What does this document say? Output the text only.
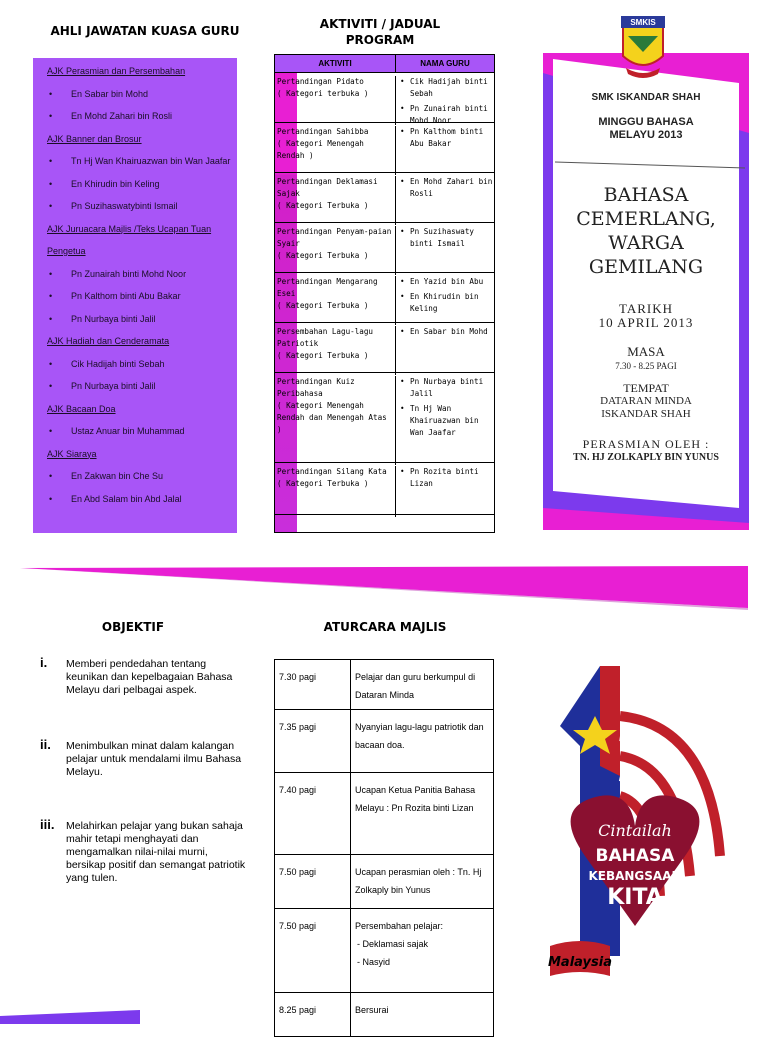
AHLI JAWATAN KUASA GURU
AJK Perasmian dan Persembahan
• En Sabar bin Mohd
• En Mohd Zahari bin Rosli
AJK Banner dan Brosur
• Tn Hj Wan Khairuazwan bin Wan Jaafar
• En Khirudin bin Keling
• Pn Suzihaswatybinti Ismail
AJK Juruacara Majlis /Teks Ucapan Tuan
Pengetua
• Pn Zunairah binti Mohd Noor
• Pn Kalthom binti Abu Bakar
• Pn Nurbaya binti Jalil
AJK Hadiah dan Cenderamata
• Cik Hadijah binti Sebah
• Pn Nurbaya binti Jalil
AJK Bacaan Doa
• Ustaz Anuar bin Muhammad
AJK Siaraya
• En Zakwan bin Che Su
• En Abd Salam bin Abd Jalal
AKTIVITI / JADUAL PROGRAM
AKTIVITI	NAMA GURU
Pertandingan Pidato
( Kategori terbuka )
• Cik Hadijah binti Sebah
• Pn Zunairah binti Mohd Noor
Pertandingan Sahibba
( Kategori Menengah Rendah )
• Pn Kalthom binti Abu Bakar
Pertandingan Deklamasi Sajak
( Kategori Terbuka )
• En Mohd Zahari bin Rosli
Pertandingan Penyam-paian Syair
( Kategori Terbuka )
• Pn Suzihaswaty binti Ismail
Pertandingan Mengarang Esei
( Kategori Terbuka )
• En Yazid bin Abu
• En Khirudin bin Keling
Persembahan Lagu-lagu Patriotik
( Kategori Terbuka )
• En Sabar bin Mohd
Pertandingan Kuiz Peribahasa
( Kategori Menengah Rendah dan Menengah Atas )
• Pn Nurbaya binti Jalil
• Tn Hj Wan Khairuazwan bin Wan Jaafar
Pertandingan Silang Kata
( Kategori Terbuka )
• Pn Rozita binti Lizan
SMKIS
SMK ISKANDAR SHAH
MINGGU BAHASA MELAYU 2013
BAHASA CEMERLANG, WARGA GEMILANG
TARIKH
10 APRIL 2013
MASA
7.30 - 8.25 PAGI
TEMPAT
DATARAN MINDA ISKANDAR SHAH
PERASMIAN OLEH :
TN. HJ ZOLKAPLY BIN YUNUS
OBJEKTIF
i. Memberi pendedahan tentang keunikan dan kepelbagaian Bahasa Melayu dari pelbagai aspek.
ii. Menimbulkan minat dalam kalangan pelajar untuk mendalami ilmu Bahasa Melayu.
iii. Melahirkan pelajar yang bukan sahaja mahir tetapi menghayati dan mengamalkan nilai-nilai murni, bersikap positif dan semangat patriotik yang tulen.
ATURCARA MAJLIS
7.30 pagi	Pelajar dan guru berkumpul di Dataran Minda

7.35 pagi	Nyanyian lagu-lagu patriotik dan bacaan doa.

7.40 pagi	Ucapan Ketua Panitia Bahasa Melayu : Pn Rozita binti Lizan

7.50 pagi	Ucapan perasmian oleh : Tn. Hj Zolkaply bin Yunus

7.50 pagi	Persembahan pelajar:
- Deklamasi sajak
- Nasyid

8.25 pagi	Bersurai
Cintailah
BAHASA
KEBANGSAAN
KITA
Malaysia
